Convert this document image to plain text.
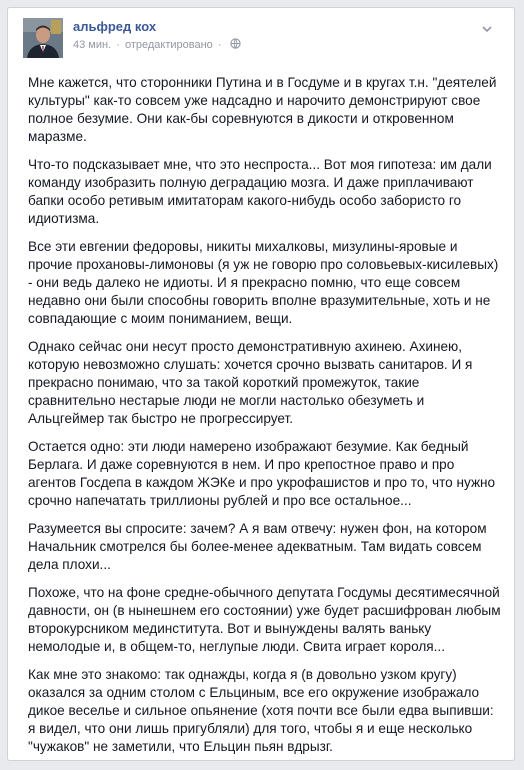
альфред кох
43 мин. · отредактировано ·

Мне кажется, что сторонники Путина и в Госдуме и в кругах т.н. "деятелей культуры" как-то совсем уже надсадно и нарочито демонстрируют свое полное безумие. Они как-бы соревнуются в дикости и откровенном маразме.

Что-то подсказывает мне, что это неспроста... Вот моя гипотеза: им дали команду изобразить полную деградацию мозга. И даже приплачивают бапки особо ретивым имитаторам какого-нибудь особо забористо го идиотизма.

Все эти евгении федоровы, никиты михалковы, мизулины-яровые и прочие прохановы-лимоновы (я уж не говорю про соловьевых-кисилевых) - они ведь далеко не идиоты. И я прекрасно помню, что еще совсем недавно они были способны говорить вполне вразумительные, хоть и не совпадающие с моим пониманием, вещи.

Однако сейчас они несут просто демонстративную ахинею. Ахинею, которую невозможно слушать: хочется срочно вызвать санитаров. И я прекрасно понимаю, что за такой короткий промежуток, такие сравнительно нестарые люди не могли настолько обезуметь и Альцгеймер так быстро не прогрессирует.

Остается одно: эти люди намерено изображают безумие. Как бедный Берлага. И даже соревнуются в нем. И про крепостное право и про агентов Госдепа в каждом ЖЭКе и про укрофашистов и про то, что нужно срочно напечатать триллионы рублей и про все остальное...

Разумеется вы спросите: зачем? А я вам отвечу: нужен фон, на котором Начальник смотрелся бы более-менее адекватным. Там видать совсем дела плохи...

Похоже, что на фоне средне-обычного депутата Госдумы десятимесячной давности, он (в нынешнем его состоянии) уже будет расшифрован любым второкурсником мединститута. Вот и вынуждены валять ваньку немолодые и, в общем-то, неглупые люди. Свита играет короля...

Как мне это знакомо: так однажды, когда я (в довольно узком кругу) оказался за одним столом с Ельциным, все его окружение изображало дикое веселье и сильное опьянение (хотя почти все были едва выпивши: я видел, что они лишь пригубляли) для того, чтобы я и еще несколько "чужаков" не заметили, что Ельцин пьян вдрызг.
